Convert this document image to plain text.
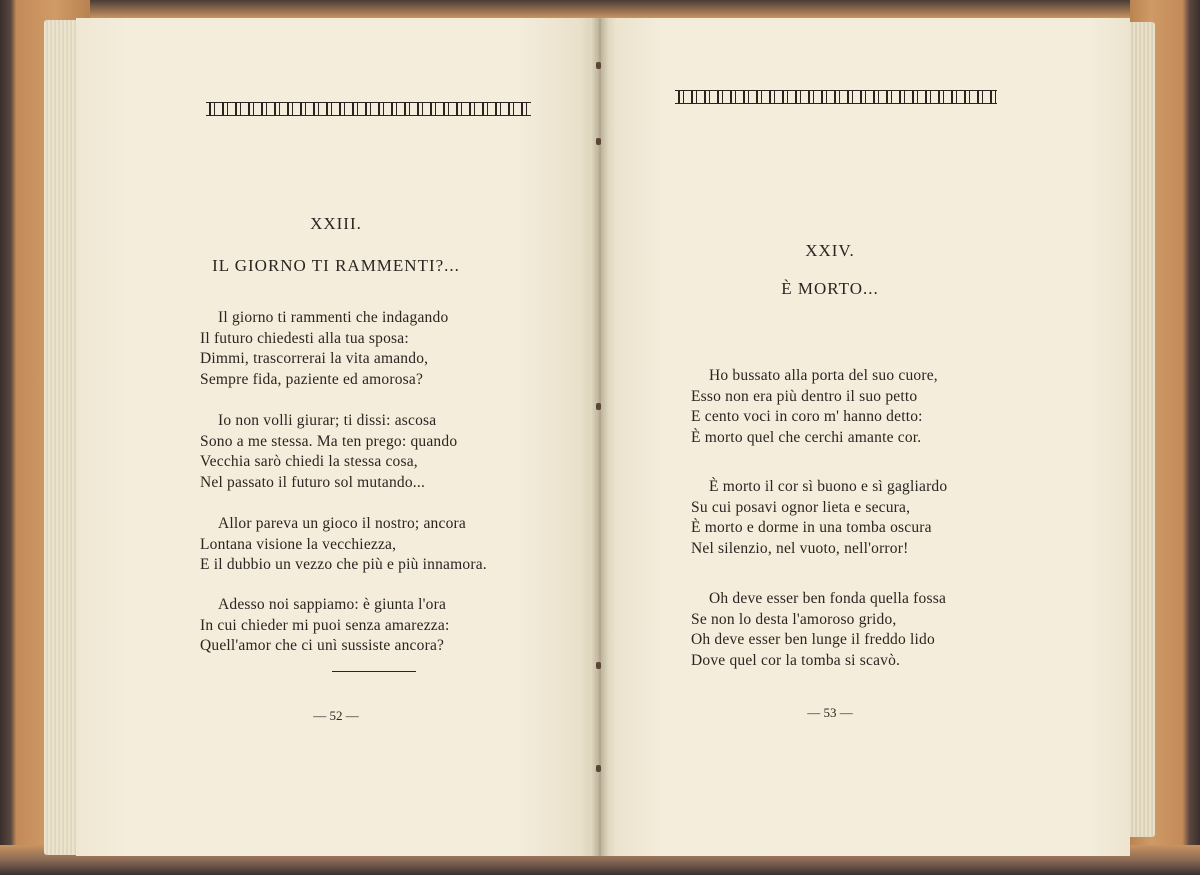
XXIII.
IL GIORNO TI RAMMENTI?...
Il giorno ti rammenti che indagando
Il futuro chiedesti alla tua sposa:
Dimmi, trascorrerai la vita amando,
Sempre fida, paziente ed amorosa?
Io non volli giurar; ti dissi: ascosa
Sono a me stessa. Ma ten prego: quando
Vecchia sarò chiedi la stessa cosa,
Nel passato il futuro sol mutando...
Allor pareva un gioco il nostro; ancora
Lontana visione la vecchiezza,
E il dubbio un vezzo che più e più innamora.
Adesso noi sappiamo: è giunta l'ora
In cui chieder mi puoi senza amarezza:
Quell'amor che ci unì sussiste ancora?
— 52 —
XXIV.
È MORTO...
Ho bussato alla porta del suo cuore,
Esso non era più dentro il suo petto
E cento voci in coro m' hanno detto:
È morto quel che cerchi amante cor.
È morto il cor sì buono e sì gagliardo
Su cui posavi ognor lieta e secura,
È morto e dorme in una tomba oscura
Nel silenzio, nel vuoto, nell'orror!
Oh deve esser ben fonda quella fossa
Se non lo desta l'amoroso grido,
Oh deve esser ben lunge il freddo lido
Dove quel cor la tomba si scavò.
— 53 —
